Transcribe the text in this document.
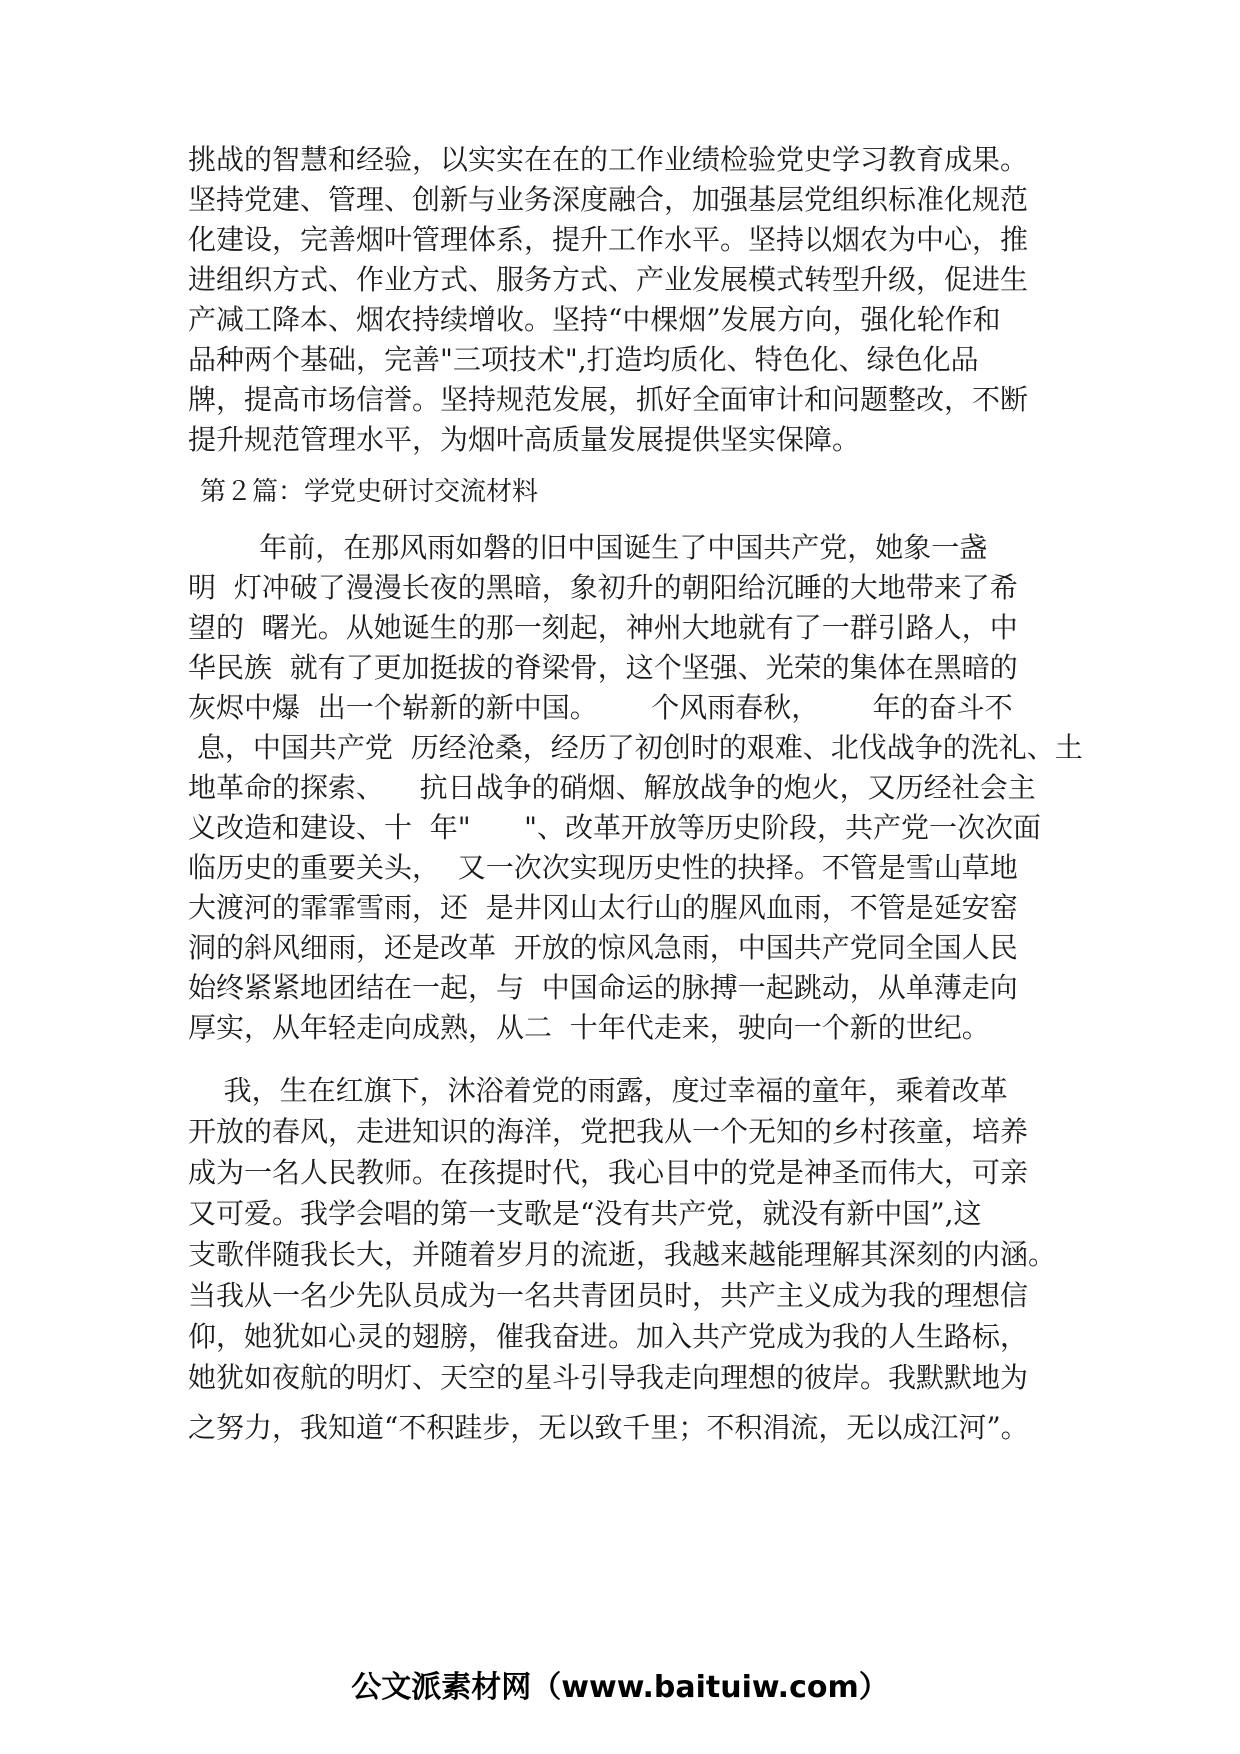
挑战的智慧和经验，以实实在在的工作业绩检验党史学习教育成果。
坚持党建、管理、创新与业务深度融合，加强基层党组织标准化规范
化建设，完善烟叶管理体系，提升工作水平。坚持以烟农为中心，推
进组织方式、作业方式、服务方式、产业发展模式转型升级，促进生
产减工降本、烟农持续增收。坚持“中棵烟”发展方向，强化轮作和
品种两个基础，完善"三项技术",打造均质化、特色化、绿色化品
牌，提高市场信誉。坚持规范发展，抓好全面审计和问题整改，不断
提升规范管理水平，为烟叶高质量发展提供坚实保障。
第２篇：学党史研讨交流材料
年前，在那风雨如磐的旧中国诞生了中国共产党，她象一盏
明  灯冲破了漫漫长夜的黑暗，象初升的朝阳给沉睡的大地带来了希
望的  曙光。从她诞生的那一刻起，神州大地就有了一群引路人，中
华民族  就有了更加挺拔的脊梁骨，这个坚强、光荣的集体在黑暗的
灰烬中爆  出一个崭新的新中国。      个风雨春秋，      年的奋斗不
息，中国共产党  历经沧桑，经历了初创时的艰难、北伐战争的洗礼、土
地革命的探索、    抗日战争的硝烟、解放战争的炮火，又历经社会主
义改造和建设、十  年"      "、改革开放等历史阶段，共产党一次次面
临历史的重要关头，  又一次次实现历史性的抉择。不管是雪山草地
大渡河的霏霏雪雨，还  是井冈山太行山的腥风血雨，不管是延安窑
洞的斜风细雨，还是改革  开放的惊风急雨，中国共产党同全国人民
始终紧紧地团结在一起，与  中国命运的脉搏一起跳动，从单薄走向
厚实，从年轻走向成熟，从二  十年代走来，驶向一个新的世纪。
我，生在红旗下，沐浴着党的雨露，度过幸福的童年，乘着改革
开放的春风，走进知识的海洋，党把我从一个无知的乡村孩童，培养
成为一名人民教师。在孩提时代，我心目中的党是神圣而伟大，可亲
又可爱。我学会唱的第一支歌是“没有共产党，就没有新中国”,这
支歌伴随我长大，并随着岁月的流逝，我越来越能理解其深刻的内涵。
当我从一名少先队员成为一名共青团员时，共产主义成为我的理想信
仰，她犹如心灵的翅膀，催我奋进。加入共产党成为我的人生路标，
她犹如夜航的明灯、天空的星斗引导我走向理想的彼岸。我默默地为
之努力，我知道“不积跬步，无以致千里；不积涓流，无以成江河”。
公文派素材网（www.baituiw.com）
